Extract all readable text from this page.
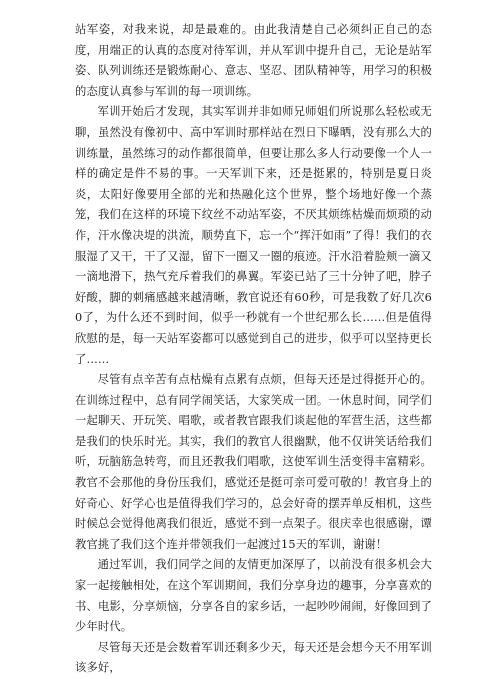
站军姿，对我来说，却是最难的。由此我清楚自己必须纠正自己的态度，用端正的认真的态度对待军训，并从军训中提升自己，无论是站军姿、队列训练还是锻炼耐心、意志、坚忍、团队精神等，用学习的积极的态度认真参与军训的每一项训练。

军训开始后才发现，其实军训并非如师兄师姐们所说那么轻松或无聊，虽然没有像初中、高中军训时那样站在烈日下曝晒，没有那么大的训练量，虽然练习的动作都很简单，但要让那么多人行动要像一个人一样的确定是件不易的事。一天军训下来，还是挺累的，特别是夏日炎炎，太阳好像要用全部的光和热融化这个世界，整个场地好像一个蒸笼，我们在这样的环境下纹丝不动站军姿，不厌其烦练枯燥而烦琐的动作，汗水像决堤的洪流，顺势直下，忘一个“挥汗如雨”了得！我们的衣服湿了又干，干了又湿，留下一圈又一圈的痕迹。汗水沿着脸颊一滴又一滴地滑下，热气充斥着我们的鼻翼。军姿已站了三十分钟了吧，脖子好酸，脚的刺痛感越来越清晰，教官说还有60秒，可是我数了好几次60了，为什么还不到时间，似乎一秒就有一个世纪那么长……但是值得欣慰的是，每一天站军姿都可以感觉到自己的进步，似乎可以坚持更长了……

尽管有点辛苦有点枯燥有点累有点烦，但每天还是过得挺开心的。在训练过程中，总有同学闹笑话，大家笑成一团。一休息时间，同学们一起聊天、开玩笑、唱歌，或者教官跟我们谈起他的军营生活，这些都是我们的快乐时光。其实，我们的教官人很幽默，他不仅讲笑话给我们听，玩脑筋急转弯，而且还教我们唱歌，这使军训生活变得丰富精彩。教官不会那他的身份压我们，感觉还是挺可亲可爱可敬的！教官身上的好奇心、好学心也是值得我们学习的，总会好奇的摆弄单反相机，这些时候总会觉得他离我们很近，感觉不到一点架子。很庆幸也很感谢，谭教官挑了我们这个连并带领我们一起渡过15天的军训，谢谢！

通过军训，我们同学之间的友情更加深厚了，以前没有很多机会大家一起接触相处，在这个军训期间，我们分享身边的趣事，分享喜欢的书、电影，分享烦恼，分享各自的家乡话，一起吵吵闹闹，好像回到了少年时代。

尽管每天还是会数着军训还剩多少天，每天还是会想今天不用军训该多好，
